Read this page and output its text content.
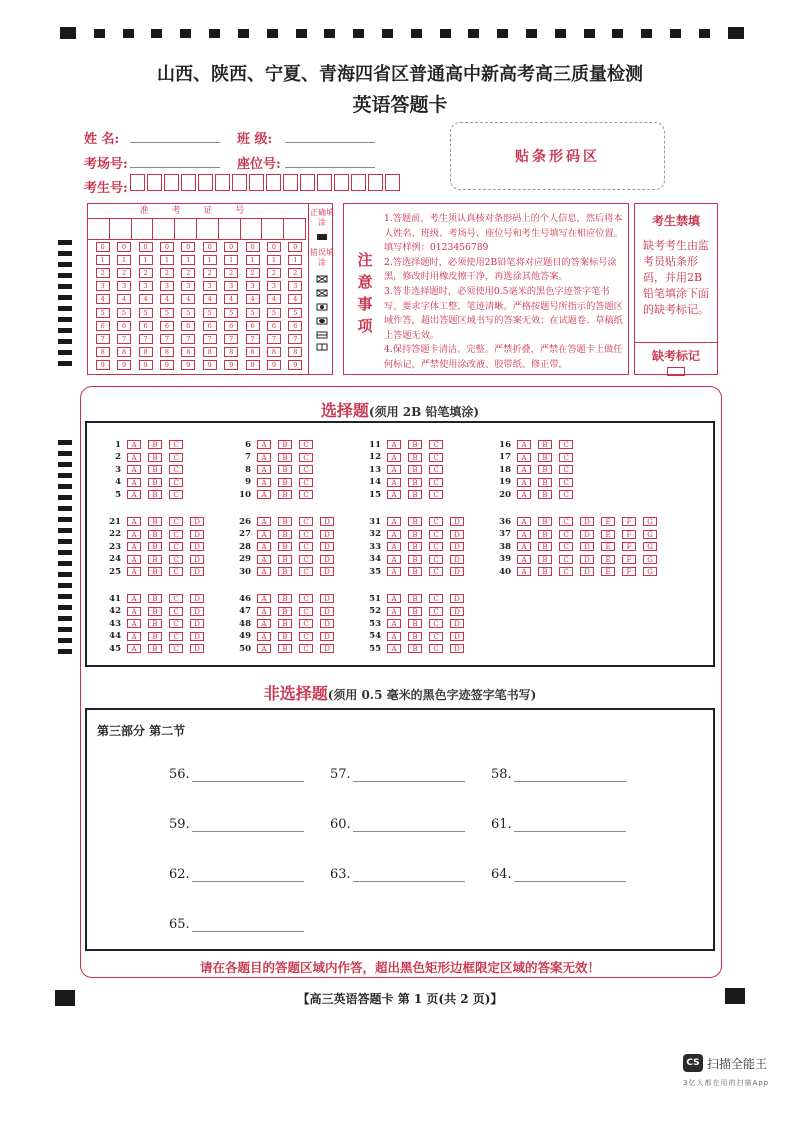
山西、陕西、宁夏、青海四省区普通高中新高考高三质量检测
英语答题卡
姓 名:	班 级:
考场号:	座位号:
考生号:
贴条形码区
准 考 证 号
0	0	0	0	0	0	0	0	0	0
1	1	1	1	1	1	1	1	1	1
2	2	2	2	2	2	2	2	2	2
3	3	3	3	3	3	3	3	3	3
4	4	4	4	4	4	4	4	4	4
5	5	5	5	5	5	5	5	5	5
6	6	6	6	6	6	6	6	6	6
7	7	7	7	7	7	7	7	7	7
8	8	8	8	8	8	8	8	8	8
9	9	9	9	9	9	9	9	9	9
正确填涂
错误填涂	注意事项
1.答题前，考生须认真核对条形码上的个人信息，然后将本人姓名、班级、考场号、座位号和考生号填写在相应位置。填写样例：0123456789
2.答选择题时，必须使用2B铅笔将对应题目的答案标号涂黑，修改时用橡皮擦干净，再选涂其他答案。
3.答非选择题时，必须使用0.5毫米的黑色字迹签字笔书写。要求字体工整，笔迹清晰。严格按题号所指示的答题区域作答，超出答题区域书写的答案无效；在试题卷、草稿纸上答题无效。
4.保持答题卡清洁、完整。严禁折叠，严禁在答题卡上做任何标记，严禁使用涂改液、胶带纸、修正带。
考生禁填
缺考考生由监考员贴条形码，并用2B铅笔填涂下面的缺考标记。
缺考标记
选择题(须用 2B 铅笔填涂)
1	A	B	C
2	A	B	C
3	A	B	C
4	A	B	C
5	A	B	C
6	A	B	C
7	A	B	C
8	A	B	C
9	A	B	C
10	A	B	C
11	A	B	C
12	A	B	C
13	A	B	C
14	A	B	C
15	A	B	C
16	A	B	C
17	A	B	C
18	A	B	C
19	A	B	C
20	A	B	C
21	A	B	C	D
22	A	B	C	D
23	A	B	C	D
24	A	B	C	D
25	A	B	C	D
26	A	B	C	D
27	A	B	C	D
28	A	B	C	D
29	A	B	C	D
30	A	B	C	D
31	A	B	C	D
32	A	B	C	D
33	A	B	C	D
34	A	B	C	D
35	A	B	C	D
36	A	B	C	D	E	F	G
37	A	B	C	D	E	F	G
38	A	B	C	D	E	F	G
39	A	B	C	D	E	F	G
40	A	B	C	D	E	F	G
41	A	B	C	D
42	A	B	C	D
43	A	B	C	D
44	A	B	C	D
45	A	B	C	D
46	A	B	C	D
47	A	B	C	D
48	A	B	C	D
49	A	B	C	D
50	A	B	C	D
51	A	B	C	D
52	A	B	C	D
53	A	B	C	D
54	A	B	C	D
55	A	B	C	D
非选择题(须用 0.5 毫米的黑色字迹签字笔书写)
第三部分 第二节
56.	57.	58.
59.	60.	61.
62.	63.	64.
65.
请在各题目的答题区域内作答，超出黑色矩形边框限定区域的答案无效！
【高三英语答题卡 第 1 页(共 2 页)】
CS 扫描全能王
3亿人都在用的扫描App
